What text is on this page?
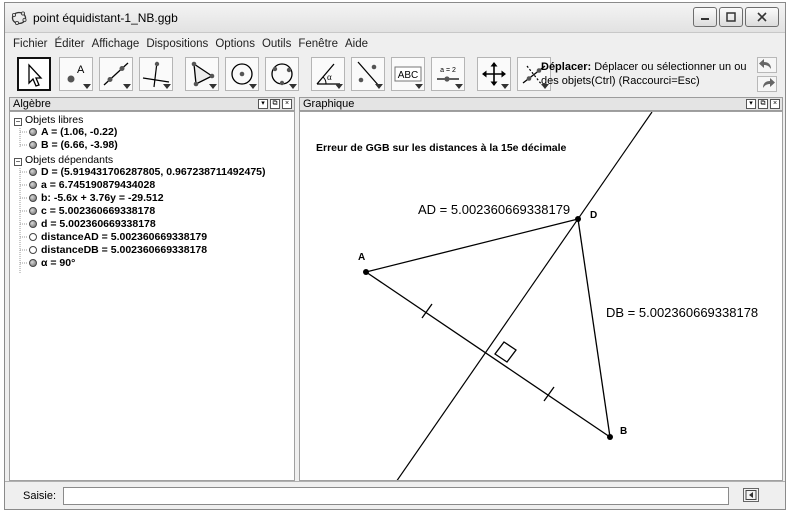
point équidistant-1_NB.ggb
Fichier Éditer Affichage Dispositions Options Outils Fenêtre Aide
A
α	ABC	a = 2	Déplacer: Déplacer ou sélectionner un ou des objets(Ctrl) (Raccourci=Esc)
Algèbre	▾	⧉	×	Graphique	▾	⧉	×
− Objets libres
A = (1.06, -0.22)
B = (6.66, -3.98)
− Objets dépendants
D = (5.919431706287805, 0.967238711492475)
a = 6.745190879434028
b: -5.6x + 3.76y = -29.512
c = 5.002360669338178
d = 5.002360669338178
distanceAD = 5.002360669338179
distanceDB = 5.002360669338178
α = 90°
Erreur de GGB sur les distances à la 15e décimale
AD = 5.002360669338179
DB = 5.002360669338178
A
D
B
Saisie:
